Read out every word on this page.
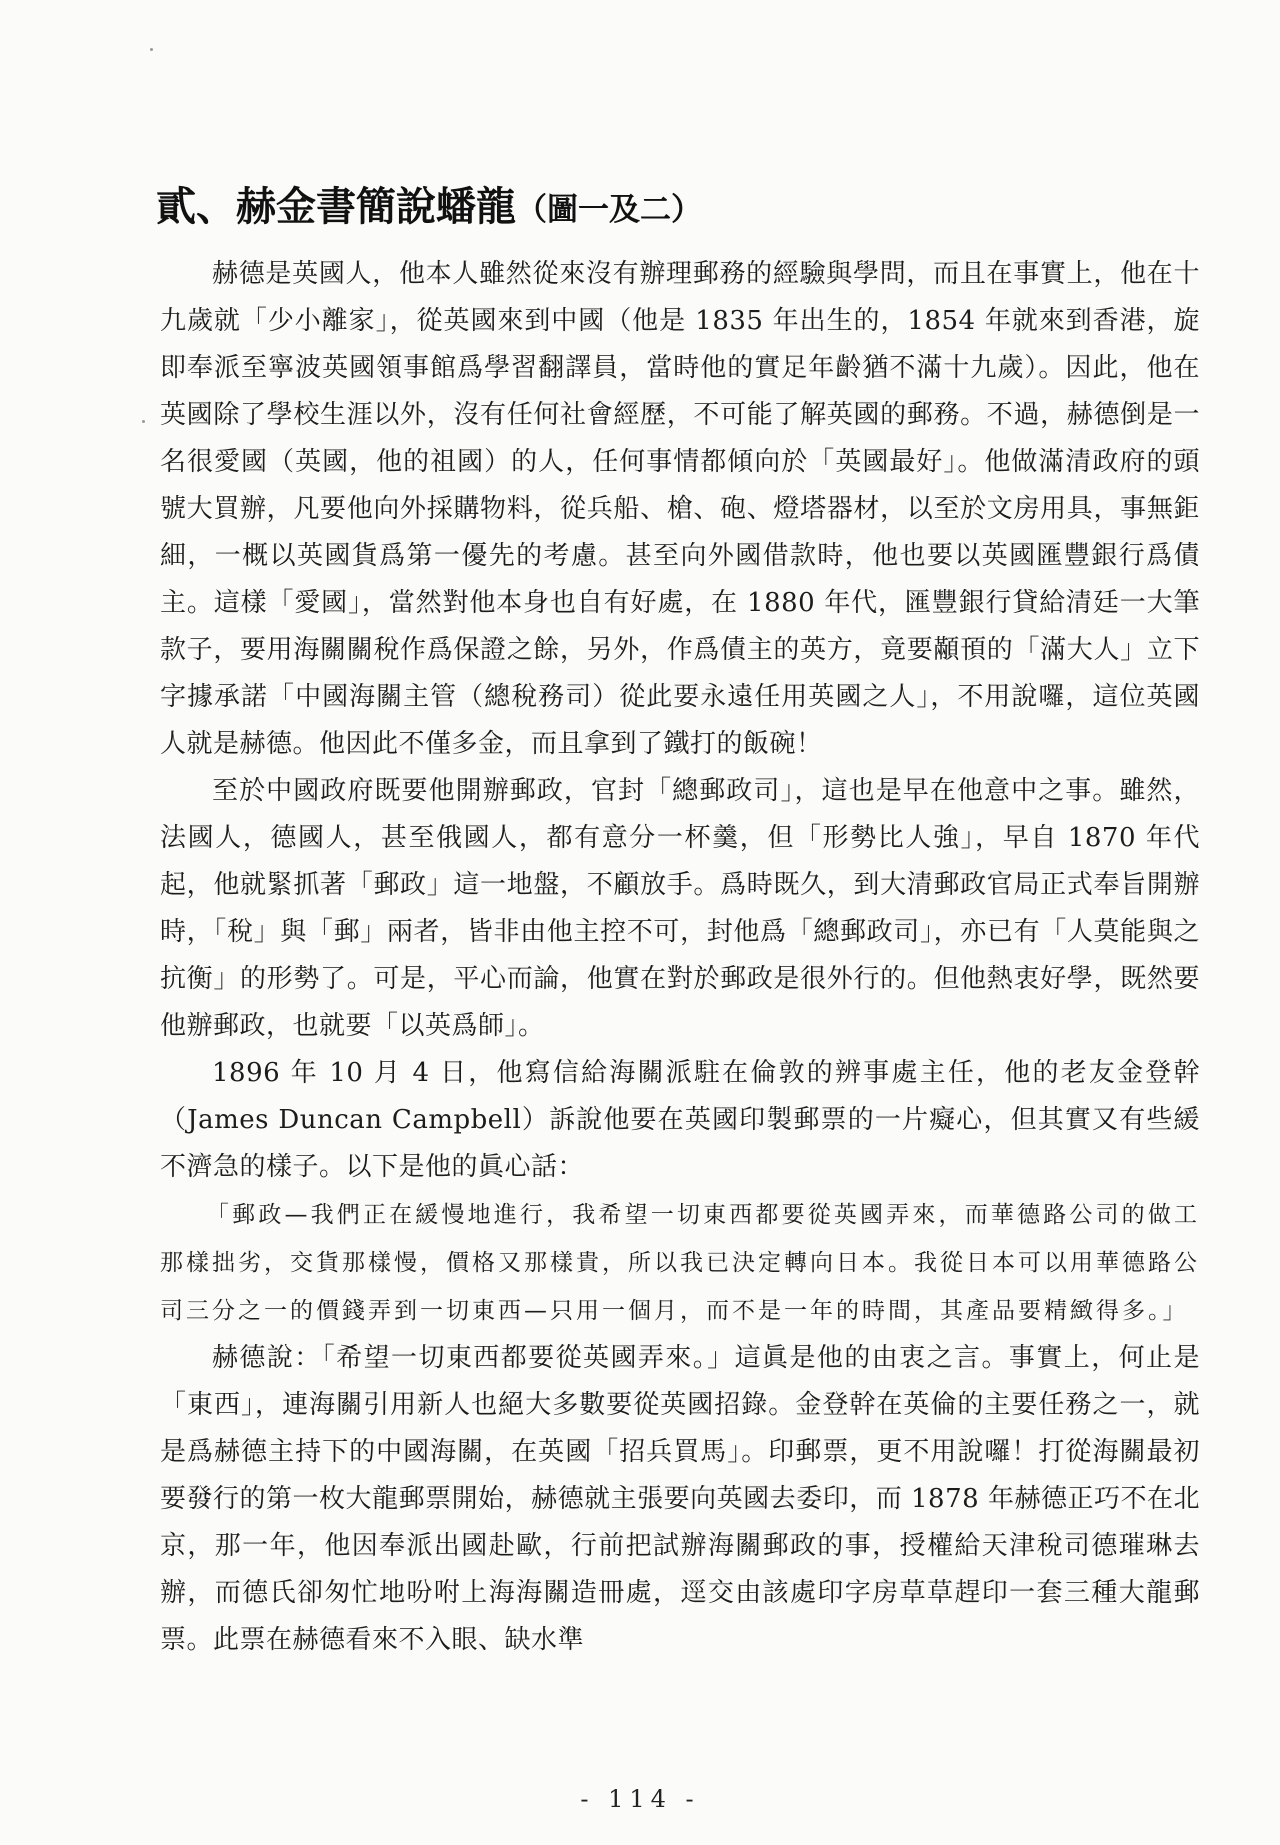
貳、赫金書簡說蟠龍（圖一及二）

赫德是英國人，他本人雖然從來沒有辦理郵務的經驗與學問，而且在事實上，他在十九歲就「少小離家」，從英國來到中國（他是 1835 年出生的，1854 年就來到香港，旋即奉派至寧波英國領事館爲學習翻譯員，當時他的實足年齡猶不滿十九歲）。因此，他在英國除了學校生涯以外，沒有任何社會經歷，不可能了解英國的郵務。不過，赫德倒是一名很愛國（英國，他的祖國）的人，任何事情都傾向於「英國最好」。他做滿清政府的頭號大買辦，凡要他向外採購物料，從兵船、槍、砲、燈塔器材，以至於文房用具，事無鉅細，一概以英國貨爲第一優先的考慮。甚至向外國借款時，他也要以英國匯豐銀行爲債主。這樣「愛國」，當然對他本身也自有好處，在 1880 年代，匯豐銀行貸給清廷一大筆款子，要用海關關稅作爲保證之餘，另外，作爲債主的英方，竟要顢頇的「滿大人」立下字據承諾「中國海關主管（總稅務司）從此要永遠任用英國之人」，不用說囉，這位英國人就是赫德。他因此不僅多金，而且拿到了鐵打的飯碗！

至於中國政府既要他開辦郵政，官封「總郵政司」，這也是早在他意中之事。雖然，法國人，德國人，甚至俄國人，都有意分一杯羹，但「形勢比人強」，早自 1870 年代起，他就緊抓著「郵政」這一地盤，不顧放手。爲時既久，到大清郵政官局正式奉旨開辦時，「稅」與「郵」兩者，皆非由他主控不可，封他爲「總郵政司」，亦已有「人莫能與之抗衡」的形勢了。可是，平心而論，他實在對於郵政是很外行的。但他熱衷好學，既然要他辦郵政，也就要「以英爲師」。

1896 年 10 月 4 日，他寫信給海關派駐在倫敦的辨事處主任，他的老友金登幹（James Duncan Campbell）訴說他要在英國印製郵票的一片癡心，但其實又有些緩不濟急的樣子。以下是他的眞心話：

「郵政—我們正在緩慢地進行，我希望一切東西都要從英國弄來，而華德路公司的做工那樣拙劣，交貨那樣慢，價格又那樣貴，所以我已決定轉向日本。我從日本可以用華德路公司三分之一的價錢弄到一切東西—只用一個月，而不是一年的時間，其產品要精緻得多。」

赫德說：「希望一切東西都要從英國弄來。」這眞是他的由衷之言。事實上，何止是「東西」，連海關引用新人也絕大多數要從英國招錄。金登幹在英倫的主要任務之一，就是爲赫德主持下的中國海關，在英國「招兵買馬」。印郵票，更不用說囉！打從海關最初要發行的第一枚大龍郵票開始，赫德就主張要向英國去委印，而 1878 年赫德正巧不在北京，那一年，他因奉派出國赴歐，行前把試辦海關郵政的事，授權給天津稅司德璀琳去辦，而德氏卻匆忙地吩咐上海海關造冊處，逕交由該處印字房草草趕印一套三種大龍郵票。此票在赫德看來不入眼、缺水準

- 114 -
